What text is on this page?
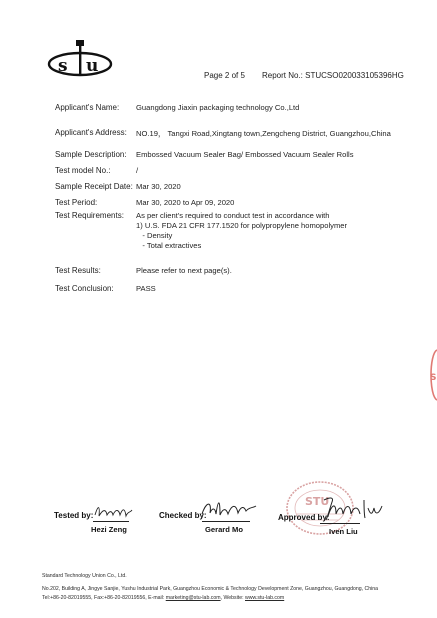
s u
STU
Page 2 of 5 Report No.: STUCSO020033105396HG
Applicant's Name: Guangdong Jiaxin packaging technology Co.,Ltd
Applicant's Address: NO.19， Tangxi Road,Xingtang town,Zengcheng District, Guangzhou,China
Sample Description: Embossed Vacuum Sealer Bag/ Embossed Vacuum Sealer Rolls
Test model No.:	/
Sample Receipt Date: Mar 30, 2020
Test Period:	Mar 30, 2020 to Apr 09, 2020
Test Requirements: As per client's required to conduct test in accordance with
1) U.S. FDA 21 CFR 177.1520 for polypropylene homopolymer
- Density
- Total extractives
Test Results:	Please refer to next page(s).
Test Conclusion:	PASS
STU
Tested by:
Hezi Zeng
Checked by:
Gerard Mo
Approved by:
Iven Liu
Standard Technology Union Co., Ltd.
No.202, Building A, Jingye Sanjie, Yushu Industrial Park, Guangzhou Economic & Technology Development Zone, Guangzhou, Guangdong, China
Tel:+86-20-82019555, Fax:+86-20-82019556, E-mail: marketing@stu-lab.com, Website: www.stu-lab.com
S
